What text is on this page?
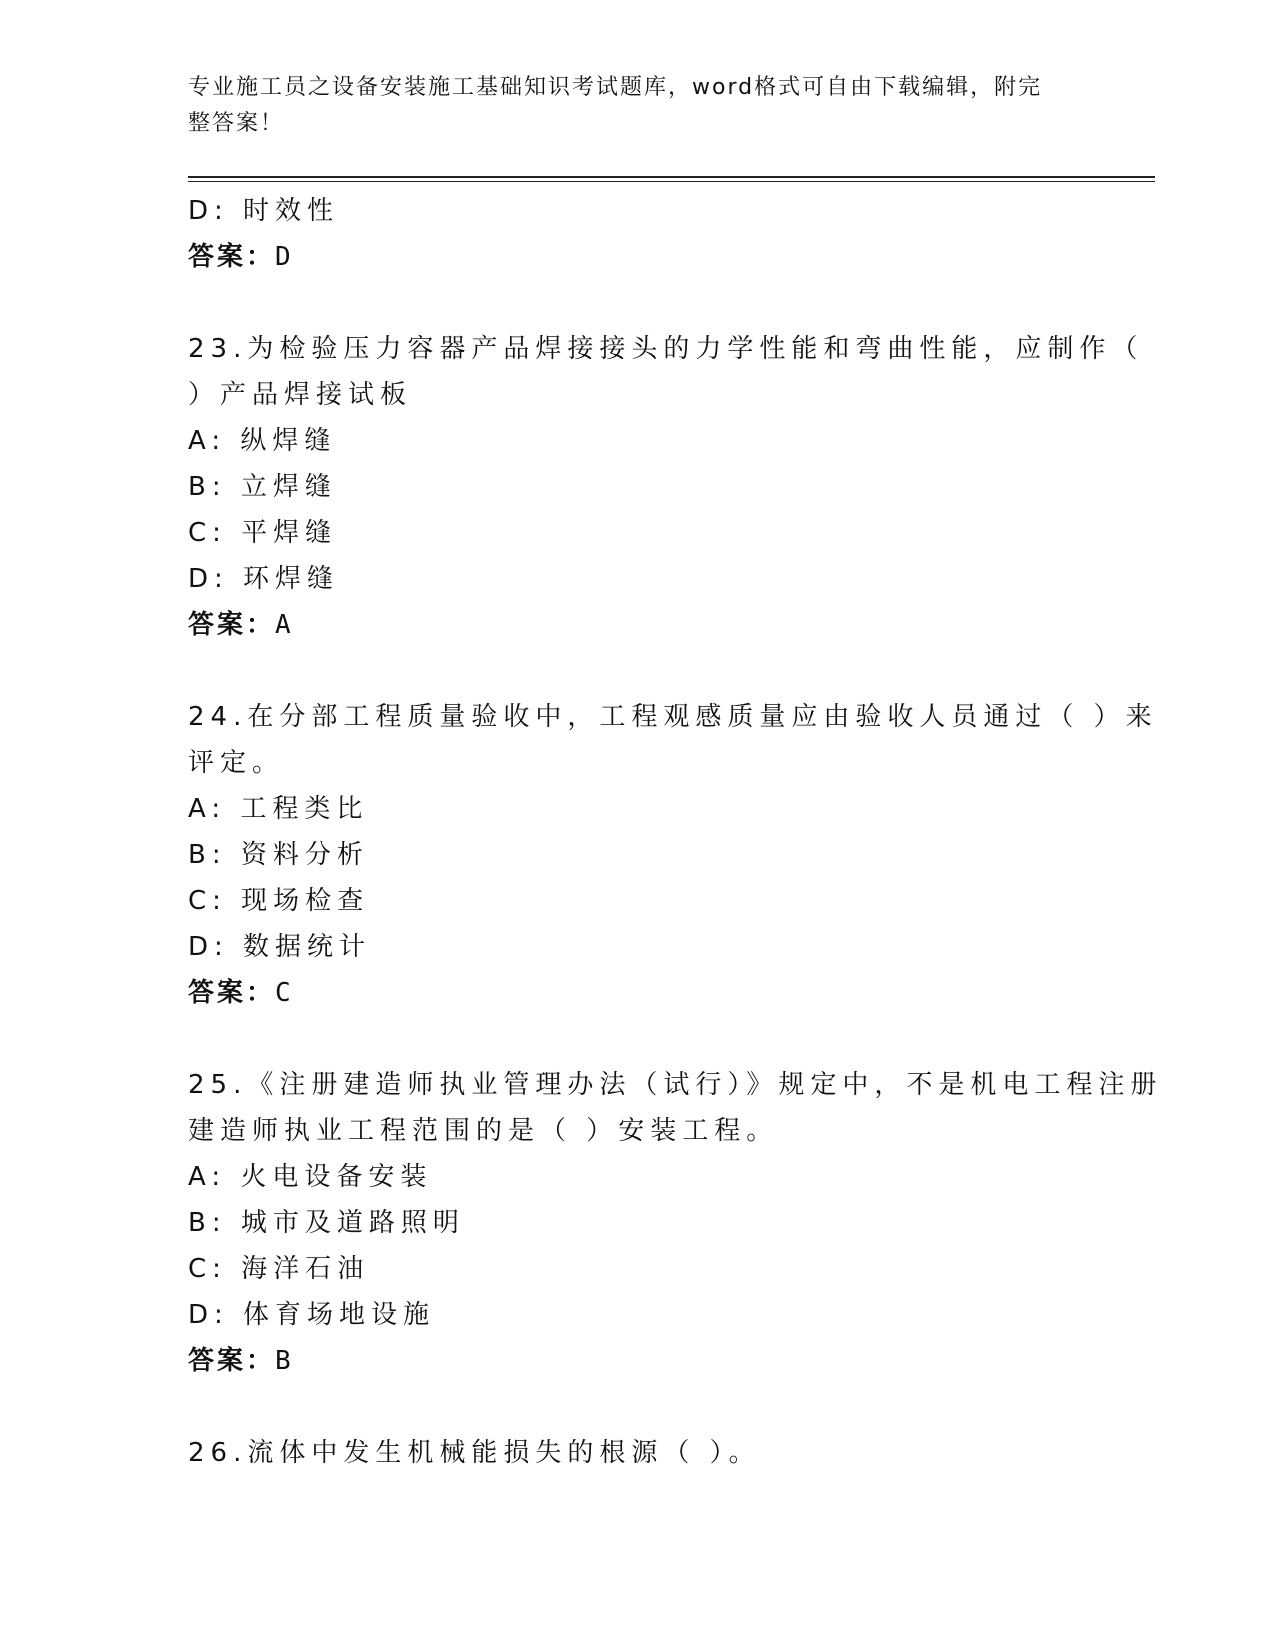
专业施工员之设备安装施工基础知识考试题库，word格式可自由下载编辑，附完
整答案！
D: 时效性
答案：D
23.为检验压力容器产品焊接接头的力学性能和弯曲性能，应制作（
）产品焊接试板
A: 纵焊缝
B: 立焊缝
C: 平焊缝
D: 环焊缝
答案：A
24.在分部工程质量验收中，工程观感质量应由验收人员通过（ ）来
评定。
A: 工程类比
B: 资料分析
C: 现场检查
D: 数据统计
答案：C
25.《注册建造师执业管理办法（试行）》规定中，不是机电工程注册
建造师执业工程范围的是（ ）安装工程。
A: 火电设备安装
B: 城市及道路照明
C: 海洋石油
D: 体育场地设施
答案：B
26.流体中发生机械能损失的根源（ ）。
